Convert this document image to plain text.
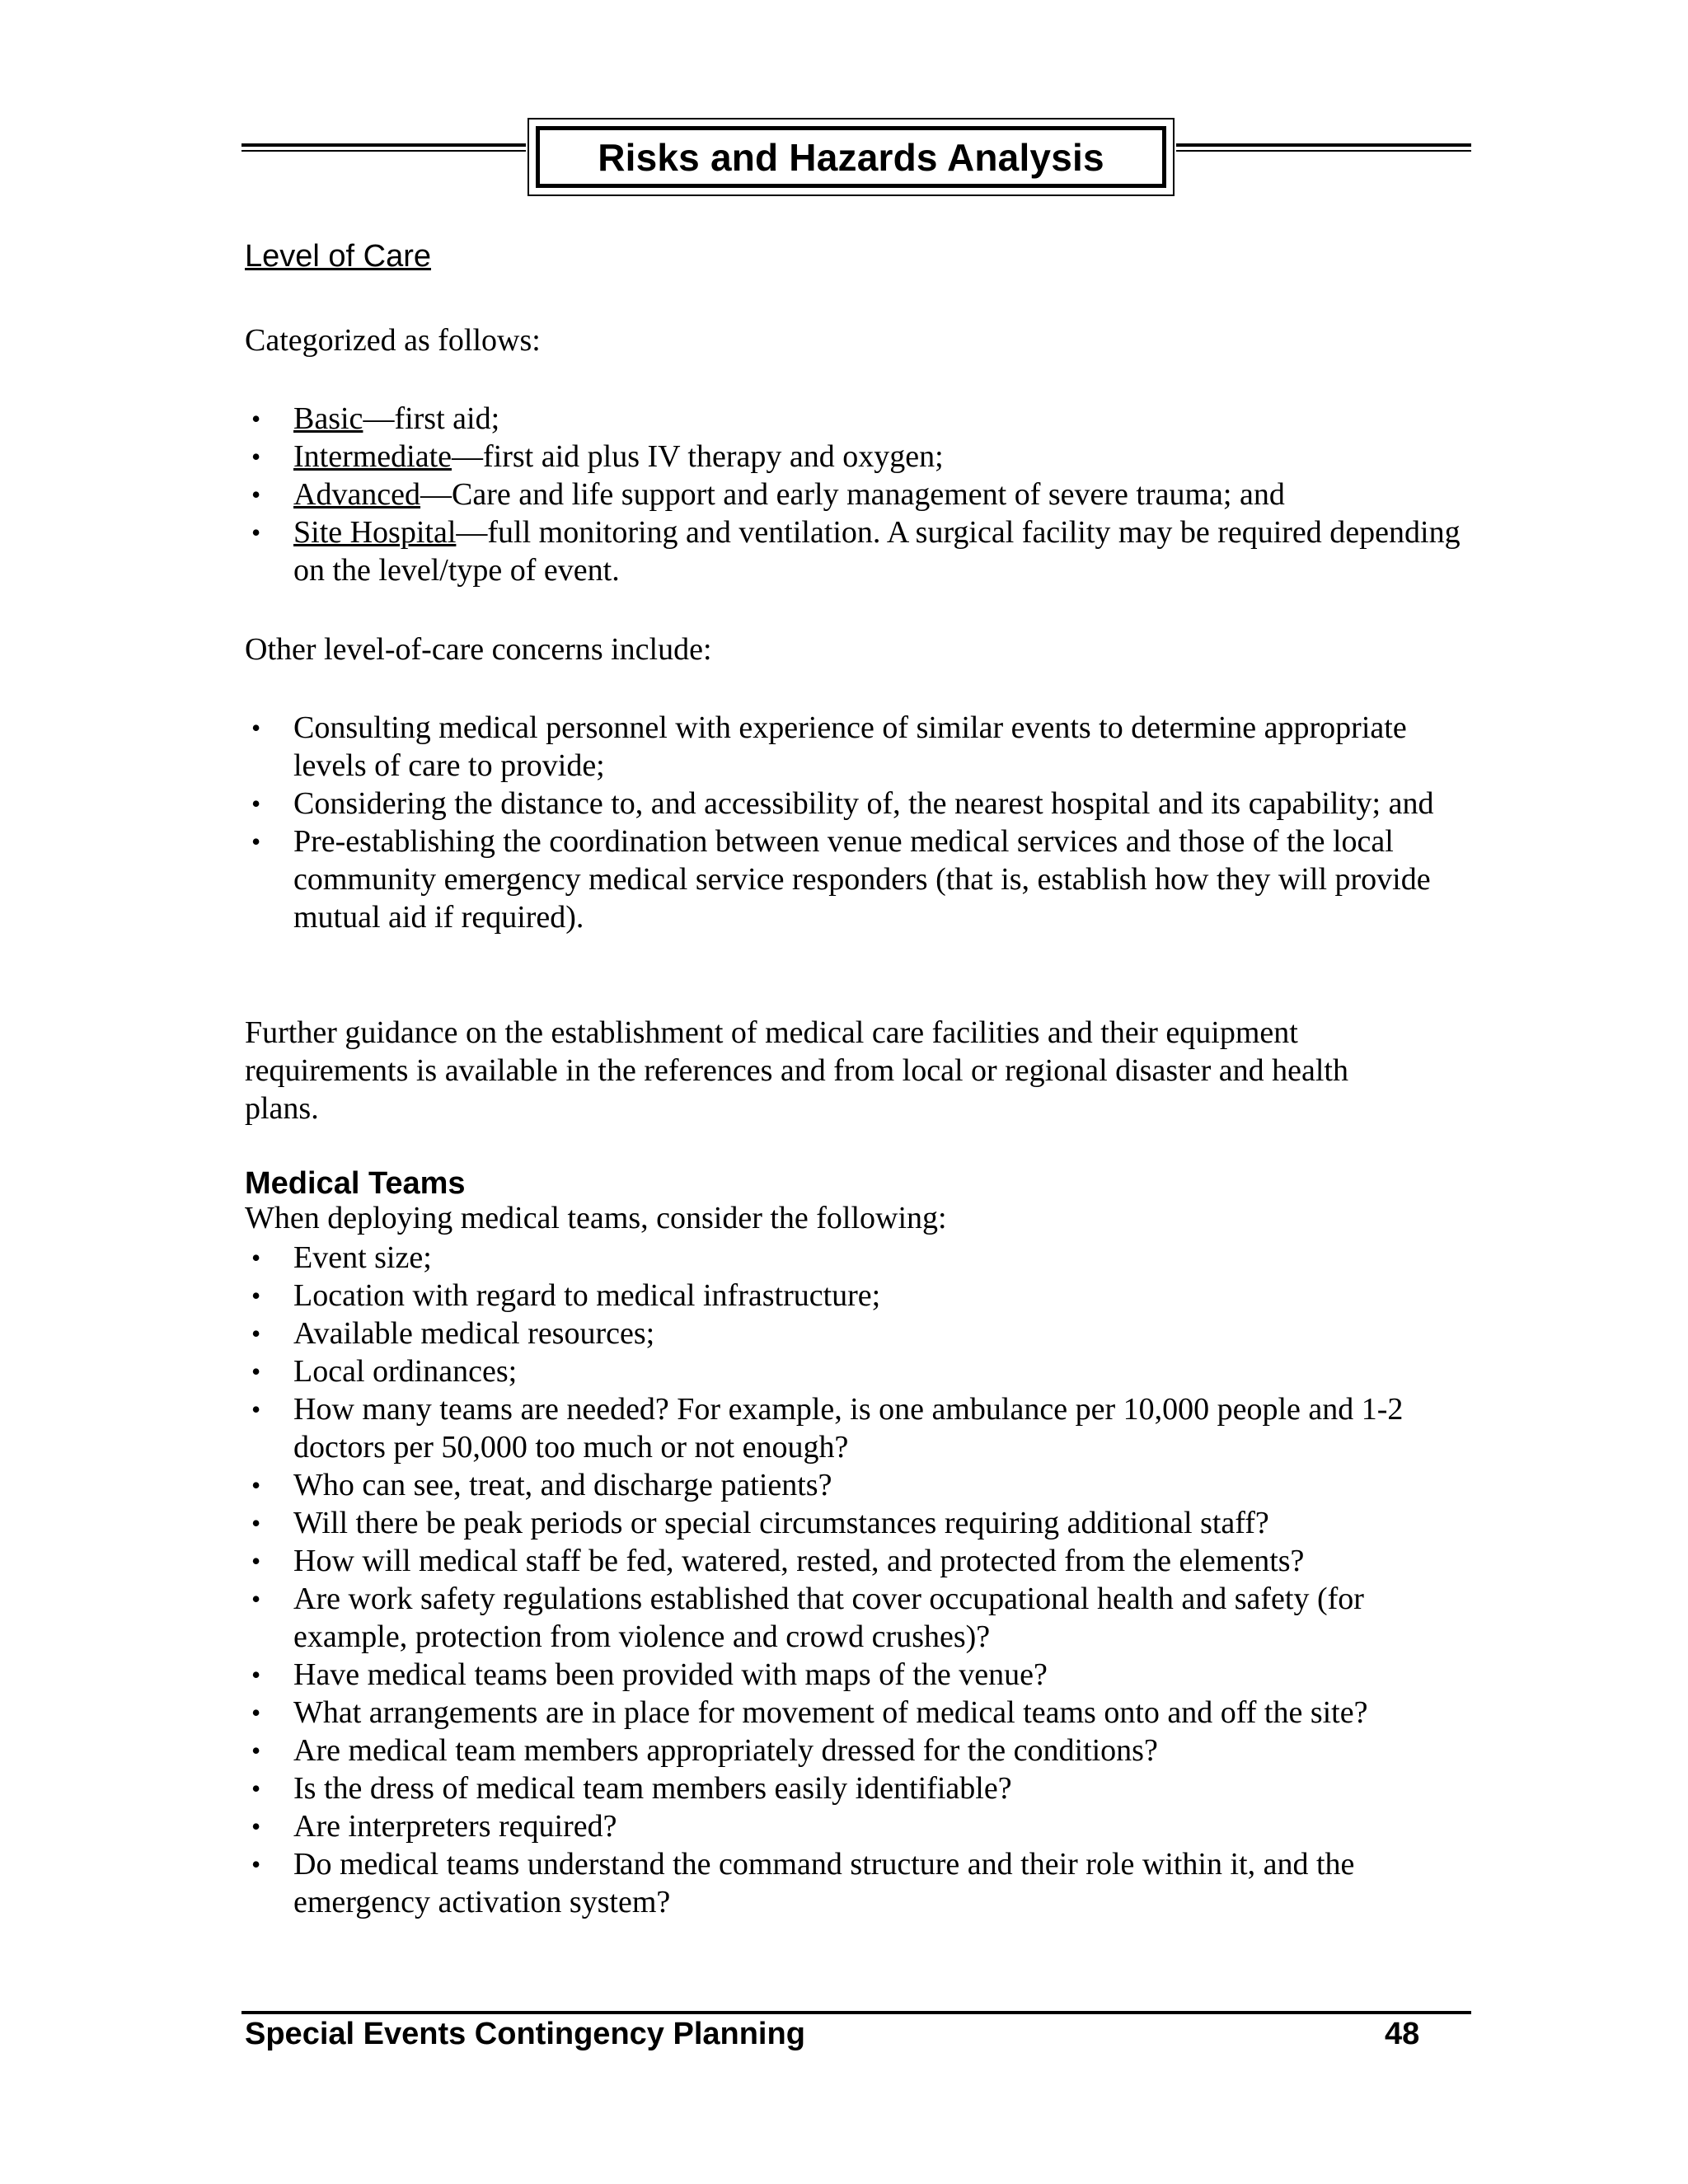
Risks and Hazards Analysis
Level of Care
Categorized as follows:
• Basic—first aid;
• Intermediate—first aid plus IV therapy and oxygen;
• Advanced—Care and life support and early management of severe trauma; and
• Site Hospital—full monitoring and ventilation. A surgical facility may be required depending on the level/type of event.
Other level-of-care concerns include:
• Consulting medical personnel with experience of similar events to determine appropriate levels of care to provide;
• Considering the distance to, and accessibility of, the nearest hospital and its capability; and
• Pre-establishing the coordination between venue medical services and those of the local community emergency medical service responders (that is, establish how they will provide mutual aid if required).
Further guidance on the establishment of medical care facilities and their equipment requirements is available in the references and from local or regional disaster and health plans.
Medical Teams
When deploying medical teams, consider the following:
• Event size;
• Location with regard to medical infrastructure;
• Available medical resources;
• Local ordinances;
• How many teams are needed? For example, is one ambulance per 10,000 people and 1-2 doctors per 50,000 too much or not enough?
• Who can see, treat, and discharge patients?
• Will there be peak periods or special circumstances requiring additional staff?
• How will medical staff be fed, watered, rested, and protected from the elements?
• Are work safety regulations established that cover occupational health and safety (for example, protection from violence and crowd crushes)?
• Have medical teams been provided with maps of the venue?
• What arrangements are in place for movement of medical teams onto and off the site?
• Are medical team members appropriately dressed for the conditions?
• Is the dress of medical team members easily identifiable?
• Are interpreters required?
• Do medical teams understand the command structure and their role within it, and the emergency activation system?
Special Events Contingency Planning	48
